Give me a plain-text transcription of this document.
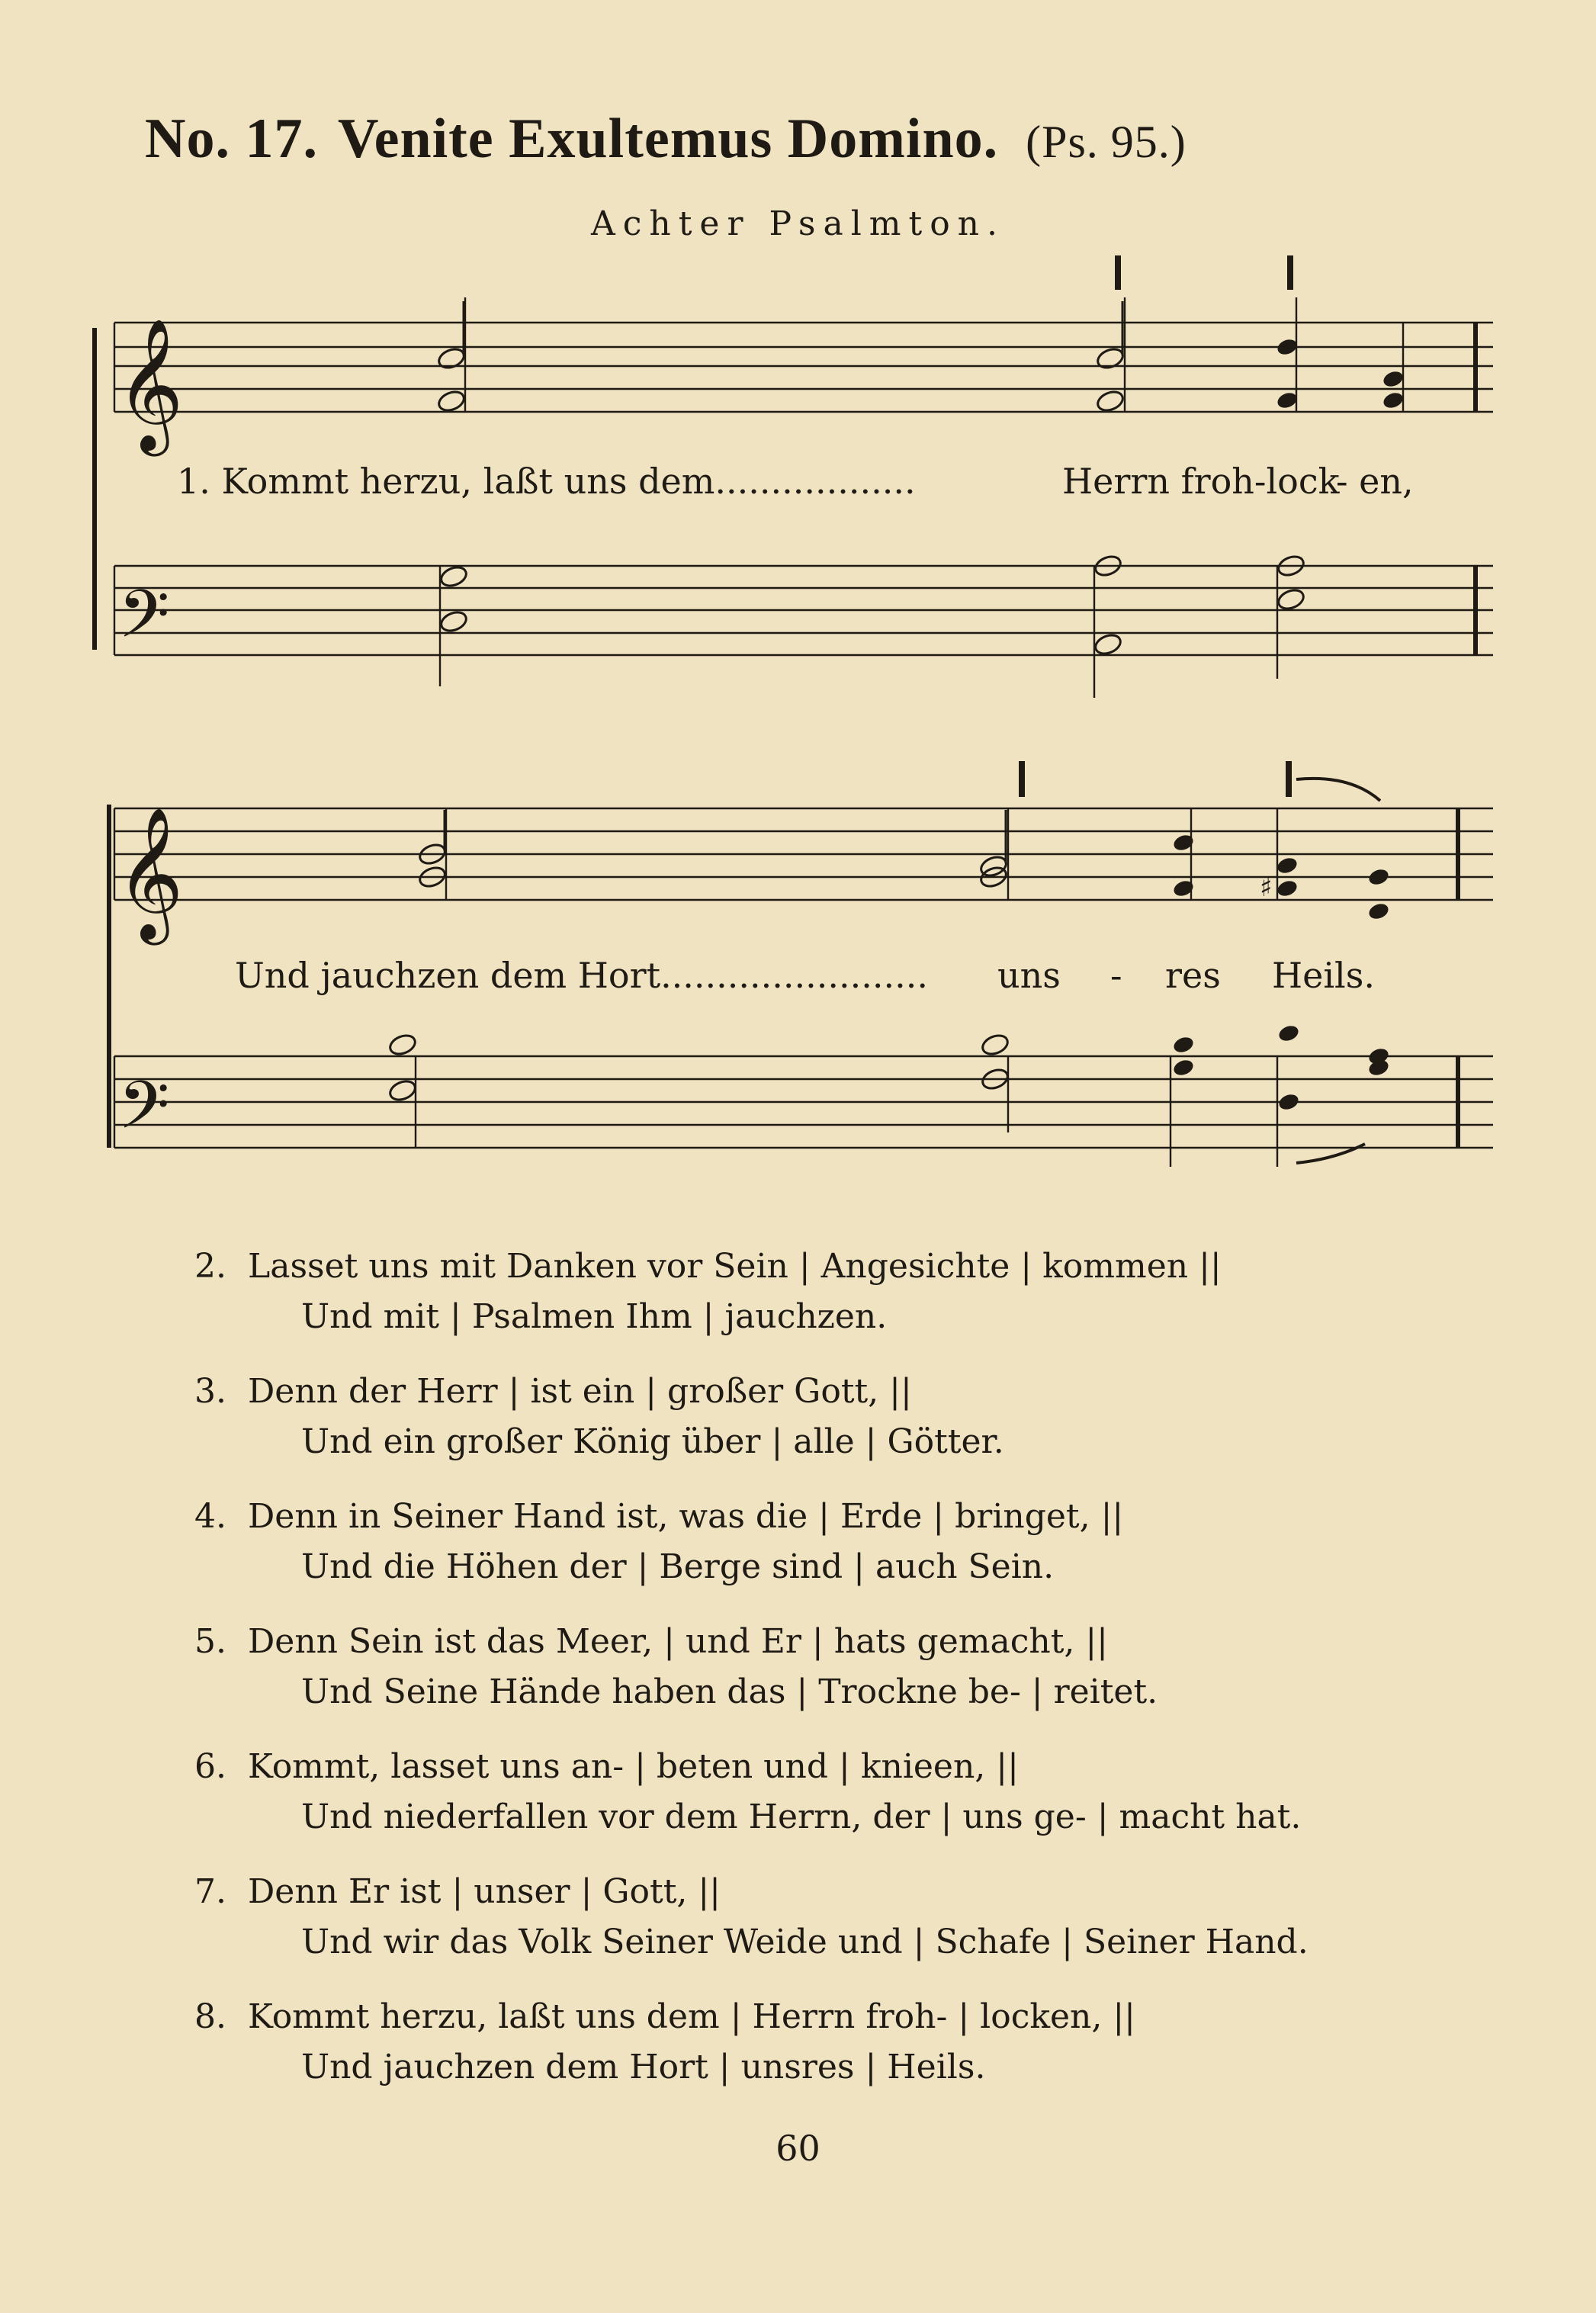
No. 17. Venite Exultemus Domino. (Ps. 95.)
Achter Psalmton.
𝄞
𝄢
𝄞
𝄢
♯
1. Kommt herzu, laßt uns dem..................	Herrn froh-lock
- en,
Und jauchzen dem Hort........................ uns - res Heils.
2. Lasset uns mit Danken vor Sein | Angesichte | kommen ||
Und mit | Psalmen Ihm | jauchzen.
3. Denn der Herr | ist ein | großer Gott, ||
Und ein großer König über | alle | Götter.
4. Denn in Seiner Hand ist, was die | Erde | bringet, ||
Und die Höhen der | Berge sind | auch Sein.
5. Denn Sein ist das Meer, | und Er | hats gemacht, ||
Und Seine Hände haben das | Trockne be- | reitet.
6. Kommt, lasset uns an- | beten und | knieen, ||
Und niederfallen vor dem Herrn, der | uns ge- | macht hat.
7. Denn Er ist | unser | Gott, ||
Und wir das Volk Seiner Weide und | Schafe | Seiner Hand.
8. Kommt herzu, laßt uns dem | Herrn froh- | locken, ||
Und jauchzen dem Hort | unsres | Heils.
60
